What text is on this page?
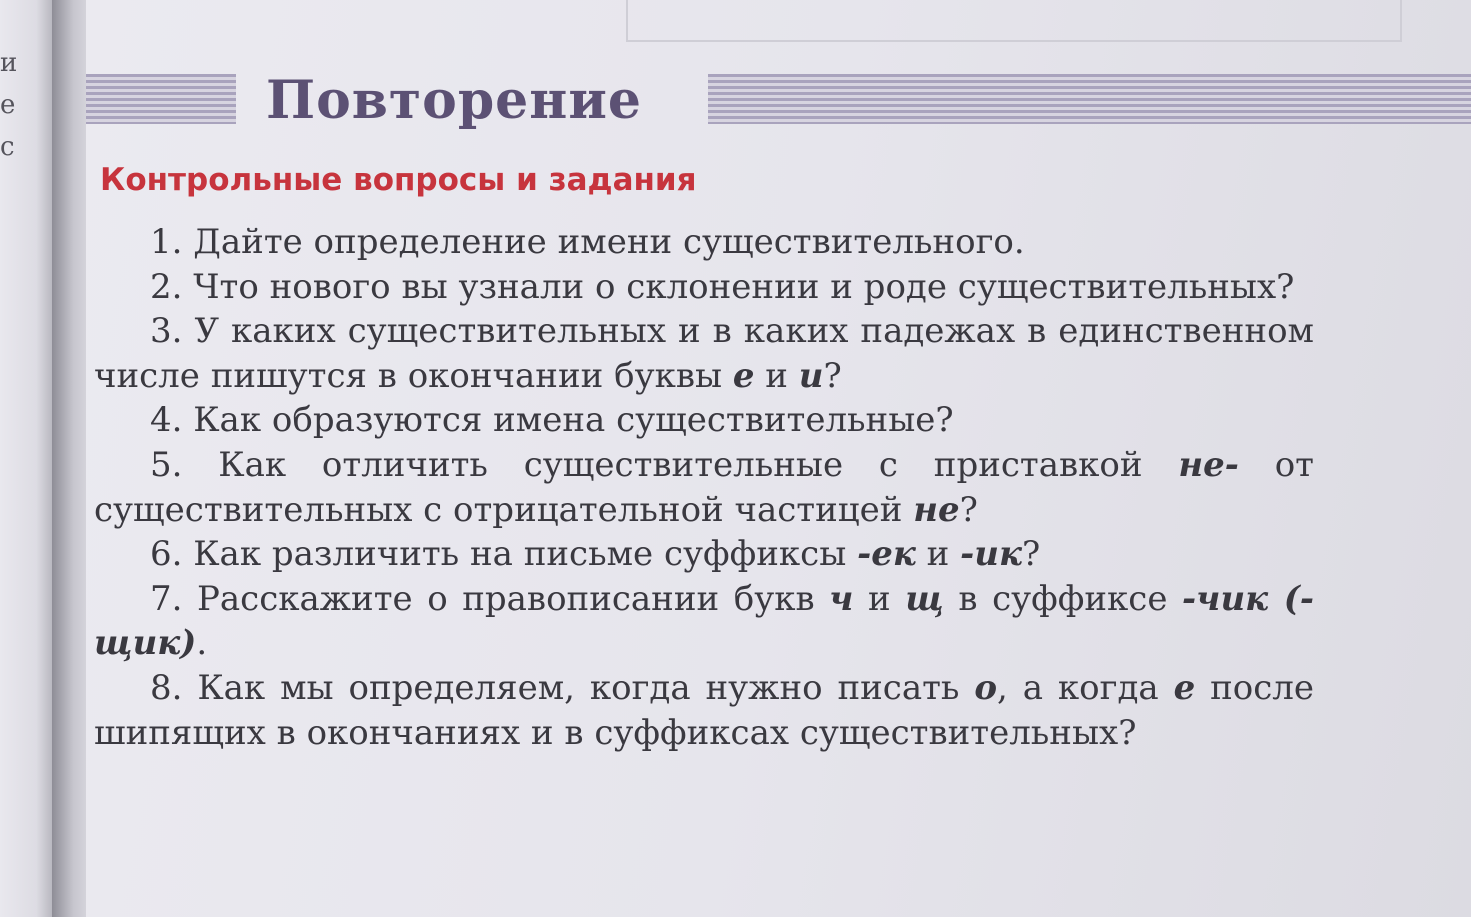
и
е
с
Повторение
Контрольные вопросы и задания

1. Дайте определение имени существительного.

2. Что нового вы узнали о склонении и роде существительных?

3. У каких существительных и в каких падежах в единственном числе пишутся в окончании буквы е и и?

4. Как образуются имена существительные?

5. Как отличить существительные с приставкой не- от существительных с отрицательной частицей не?

6. Как различить на письме суффиксы -ек и -ик?

7. Расскажите о правописании букв ч и щ в суффиксе -чик (-щик).

8. Как мы определяем, когда нужно писать о, а когда е после шипящих в окончаниях и в суффиксах существительных?
